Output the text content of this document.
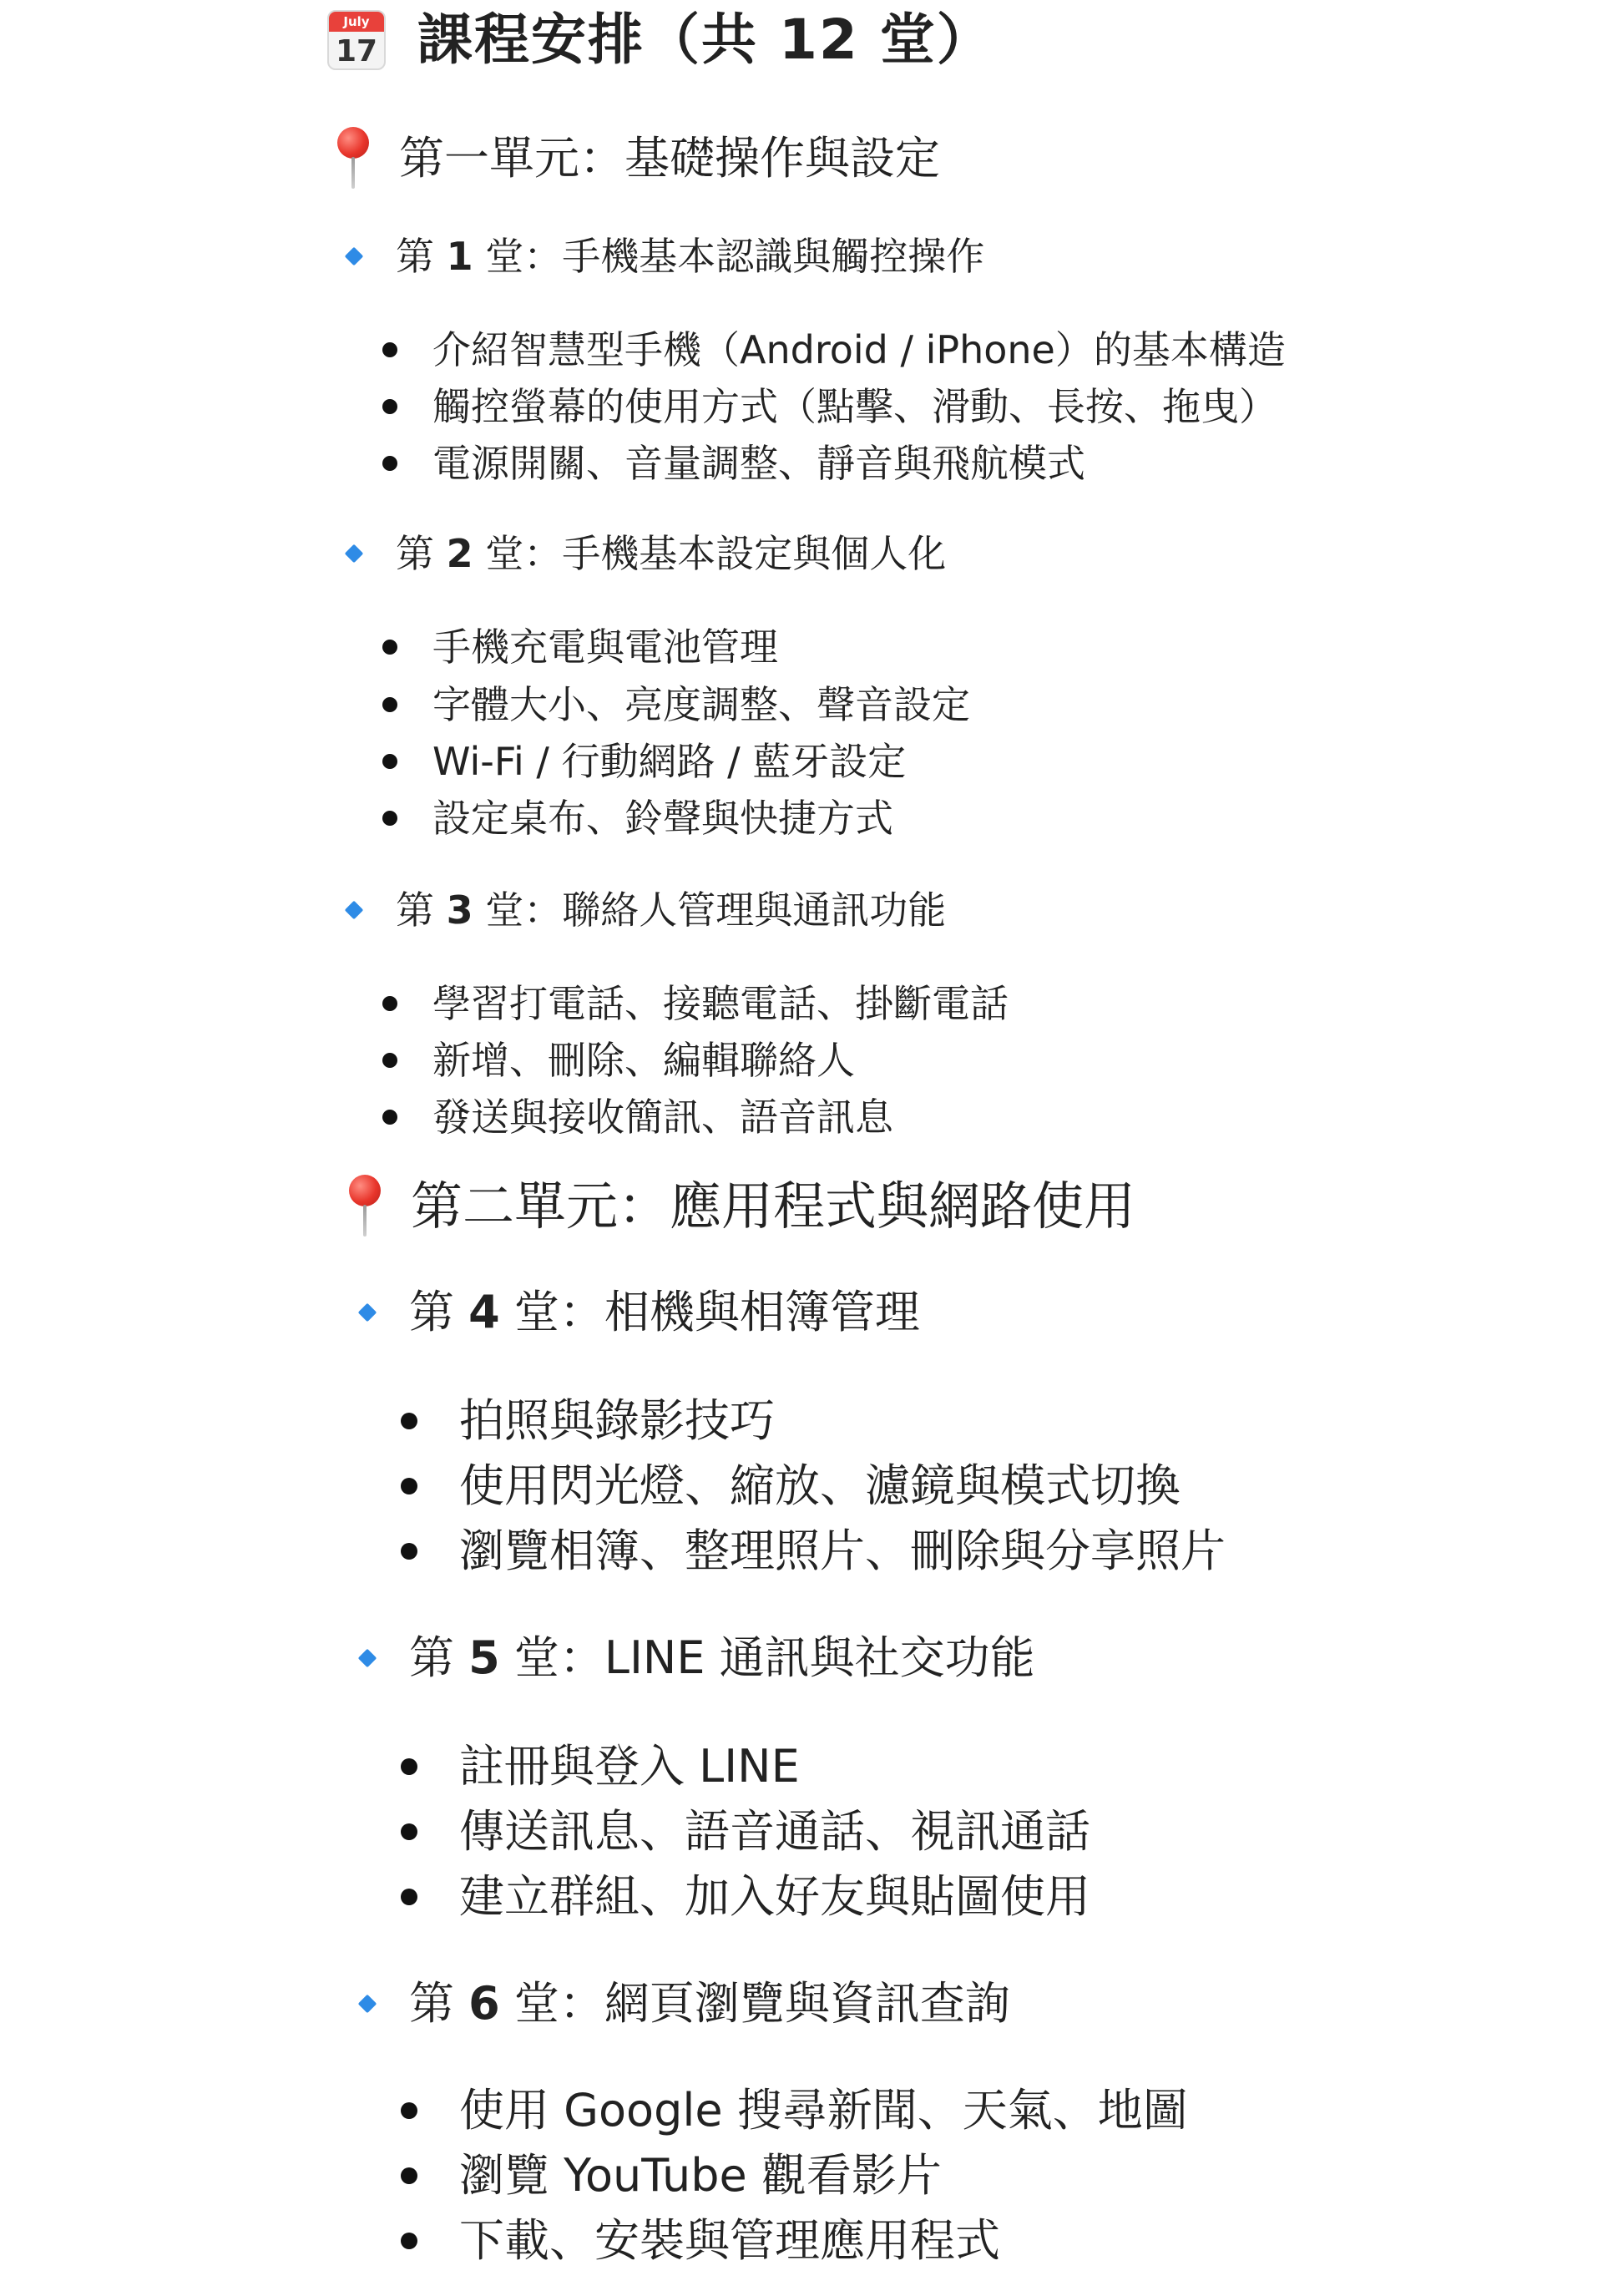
July
17 課程安排（共 12 堂）
第一單元：基礎操作與設定
第 1 堂：手機基本認識與觸控操作
介紹智慧型手機（Android / iPhone）的基本構造
觸控螢幕的使用方式（點擊、滑動、長按、拖曳）
電源開關、音量調整、靜音與飛航模式
第 2 堂：手機基本設定與個人化
手機充電與電池管理
字體大小、亮度調整、聲音設定
Wi-Fi / 行動網路 / 藍牙設定
設定桌布、鈴聲與快捷方式
第 3 堂：聯絡人管理與通訊功能
學習打電話、接聽電話、掛斷電話
新增、刪除、編輯聯絡人
發送與接收簡訊、語音訊息
第二單元：應用程式與網路使用
第 4 堂：相機與相簿管理
拍照與錄影技巧
使用閃光燈、縮放、濾鏡與模式切換
瀏覽相簿、整理照片、刪除與分享照片
第 5 堂：LINE 通訊與社交功能
註冊與登入 LINE
傳送訊息、語音通話、視訊通話
建立群組、加入好友與貼圖使用
第 6 堂：網頁瀏覽與資訊查詢
使用 Google 搜尋新聞、天氣、地圖
瀏覽 YouTube 觀看影片
下載、安裝與管理應用程式
